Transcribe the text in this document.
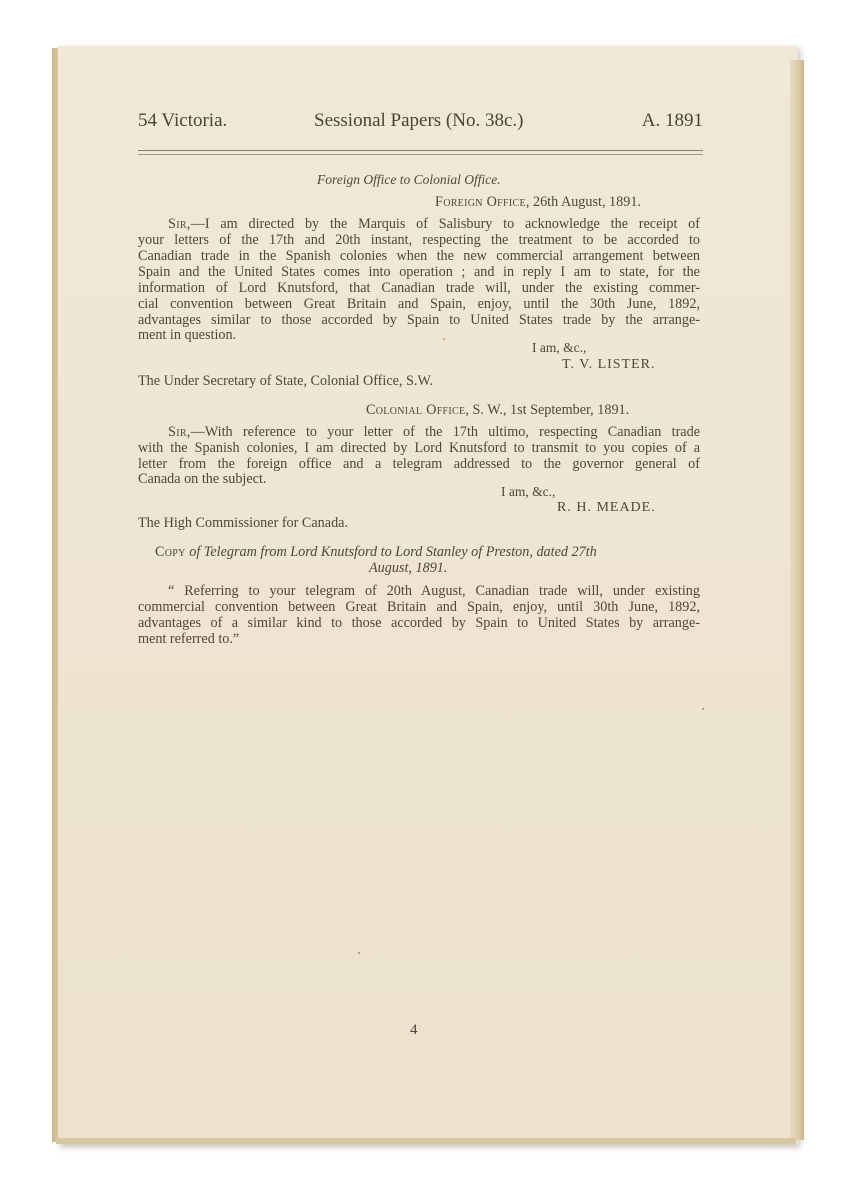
54 Victoria.	Sessional Papers (No. 38c.)	A. 1891
Foreign Office to Colonial Office.
Foreign Office, 26th August, 1891.
Sir,—I am directed by the Marquis of Salisbury to acknowledge the receipt of
your letters of the 17th and 20th instant, respecting the treatment to be accorded to
Canadian trade in the Spanish colonies when the new commercial arrangement between
Spain and the United States comes into operation ; and in reply I am to state, for the
information of Lord Knutsford, that Canadian trade will, under the existing commer-
cial convention between Great Britain and Spain, enjoy, until the 30th June, 1892,
advantages similar to those accorded by Spain to United States trade by the arrange-
ment in question.
I am, &c.,
T. V. LISTER.
The Under Secretary of State, Colonial Office, S.W.
Colonial Office, S. W., 1st September, 1891.
Sir,—With reference to your letter of the 17th ultimo, respecting Canadian trade
with the Spanish colonies, I am directed by Lord Knutsford to transmit to you copies of a
letter from the foreign office and a telegram addressed to the governor general of
Canada on the subject.
I am, &c.,
R. H. MEADE.
The High Commissioner for Canada.
Copy of Telegram from Lord Knutsford to Lord Stanley of Preston, dated 27th
August, 1891.
“ Referring to your telegram of 20th August, Canadian trade will, under existing
commercial convention between Great Britain and Spain, enjoy, until 30th June, 1892,
advantages of a similar kind to those accorded by Spain to United States by arrange-
ment referred to.”
4
